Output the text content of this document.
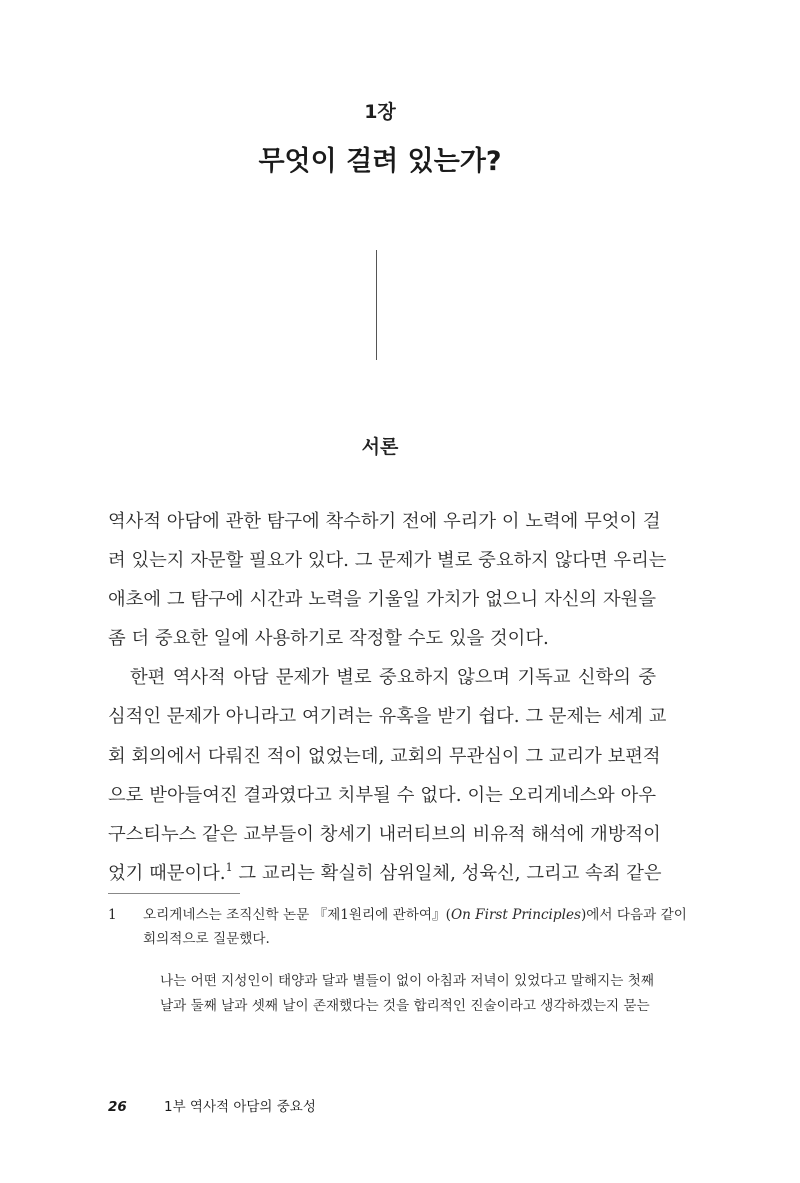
1장
무엇이 걸려 있는가?
서론
역사적 아담에 관한 탐구에 착수하기 전에 우리가 이 노력에 무엇이 걸
려 있는지 자문할 필요가 있다. 그 문제가 별로 중요하지 않다면 우리는
애초에 그 탐구에 시간과 노력을 기울일 가치가 없으니 자신의 자원을
좀 더 중요한 일에 사용하기로 작정할 수도 있을 것이다.
한편 역사적 아담 문제가 별로 중요하지 않으며 기독교 신학의 중
심적인 문제가 아니라고 여기려는 유혹을 받기 쉽다. 그 문제는 세계 교
회 회의에서 다뤄진 적이 없었는데, 교회의 무관심이 그 교리가 보편적
으로 받아들여진 결과였다고 치부될 수 없다. 이는 오리게네스와 아우
구스티누스 같은 교부들이 창세기 내러티브의 비유적 해석에 개방적이
었기 때문이다.$^1$ 그 교리는 확실히 삼위일체, 성육신, 그리고 속죄 같은
1 오리게네스는 조직신학 논문 『제1원리에 관하여』(On First Principles)에서 다음과 같이
회의적으로 질문했다.
나는 어떤 지성인이 태양과 달과 별들이 없이 아침과 저녁이 있었다고 말해지는 첫째
날과 둘째 날과 셋째 날이 존재했다는 것을 합리적인 진술이라고 생각하겠는지 묻는
26	1부 역사적 아담의 중요성
